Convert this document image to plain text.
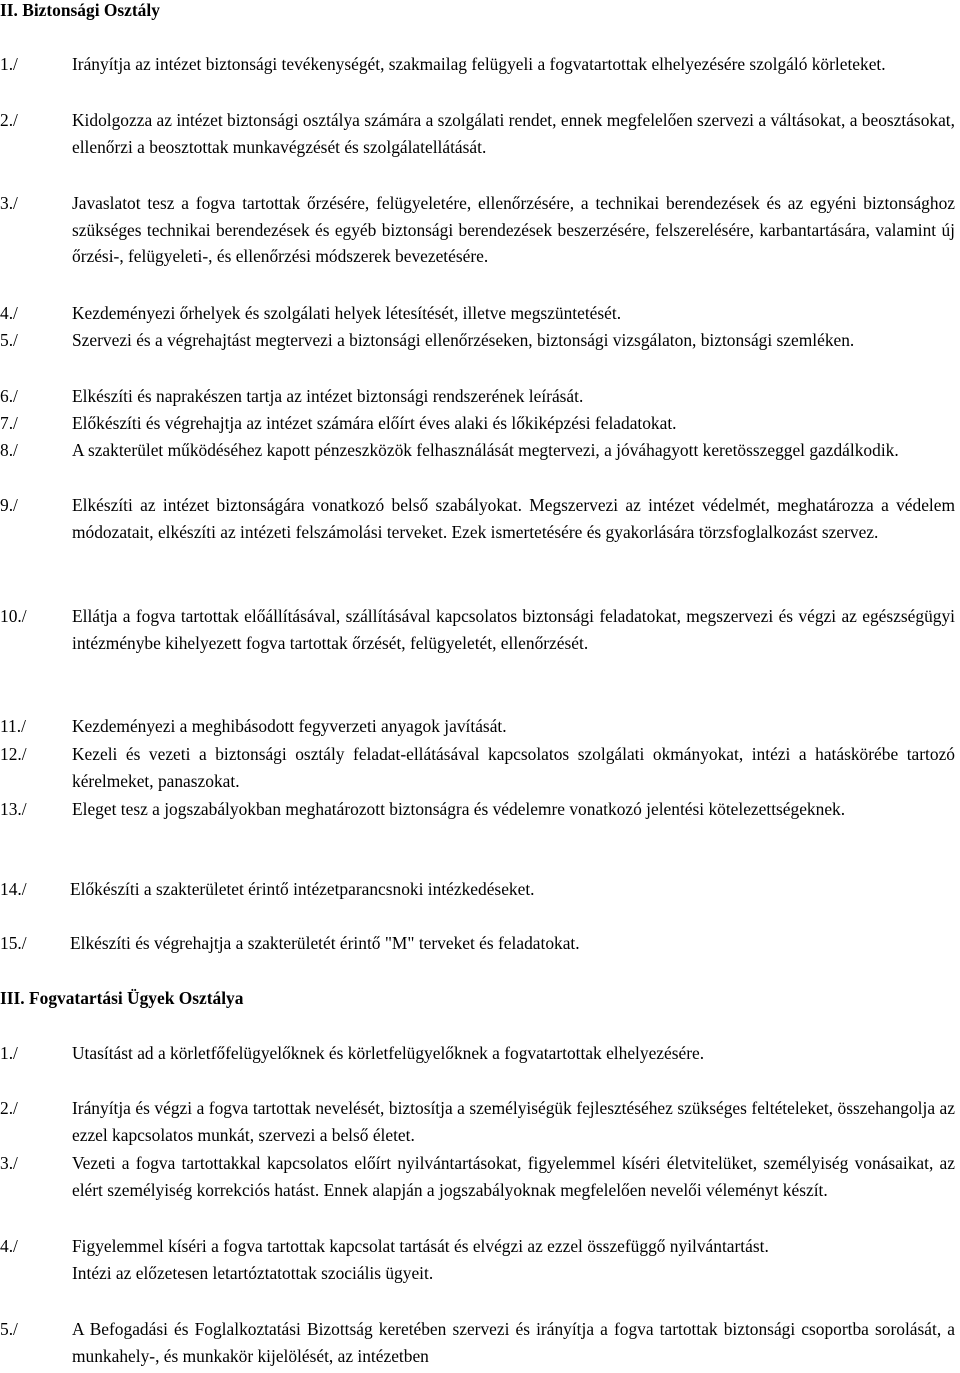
II. Biztonsági Osztály
1./	Irányítja az intézet biztonsági tevékenységét, szakmailag felügyeli a fogvatartottak elhelyezésére szolgáló körleteket.
2./	Kidolgozza az intézet biztonsági osztálya számára a szolgálati rendet, ennek megfelelően szervezi a váltásokat, a beosztásokat, ellenőrzi a beosztottak munkavégzését és szolgálatellátását.
3./	Javaslatot tesz a fogva tartottak őrzésére, felügyeletére, ellenőrzésére, a technikai berendezések és az egyéni biztonsághoz szükséges technikai berendezések és egyéb biztonsági berendezések beszerzésére, felszerelésére, karbantartására, valamint új őrzési-, felügyeleti-, és ellenőrzési módszerek bevezetésére.
4./	Kezdeményezi őrhelyek és szolgálati helyek létesítését, illetve megszüntetését.
5./	Szervezi és a végrehajtást megtervezi a biztonsági ellenőrzéseken, biztonsági vizsgálaton, biztonsági szemléken.
6./	Elkészíti és naprakészen tartja az intézet biztonsági rendszerének leírását.
7./	Előkészíti és végrehajtja az intézet számára előírt éves alaki és lőkiképzési feladatokat.
8./	A szakterület működéséhez kapott pénzeszközök felhasználását megtervezi, a jóváhagyott keretösszeggel gazdálkodik.
9./	Elkészíti az intézet biztonságára vonatkozó belső szabályokat. Megszervezi az intézet védelmét, meghatározza a védelem módozatait, elkészíti az intézeti felszámolási terveket. Ezek ismertetésére és gyakorlására törzsfoglalkozást szervez.
10./	Ellátja a fogva tartottak előállításával, szállításával kapcsolatos biztonsági feladatokat, megszervezi és végzi az egészségügyi intézménybe kihelyezett fogva tartottak őrzését, felügyeletét, ellenőrzését.
11./	Kezdeményezi a meghibásodott fegyverzeti anyagok javítását.
12./	Kezeli és vezeti a biztonsági osztály feladat-ellátásával kapcsolatos szolgálati okmányokat, intézi a hatáskörébe tartozó kérelmeket, panaszokat.
13./	Eleget tesz a jogszabályokban meghatározott biztonságra és védelemre vonatkozó jelentési kötelezettségeknek.
14./ Előkészíti a szakterületet érintő intézetparancsnoki intézkedéseket.
15./ Elkészíti és végrehajtja a szakterületét érintő "M" terveket és feladatokat.
III. Fogvatartási Ügyek Osztálya
1./	Utasítást ad a körletfőfelügyelőknek és körletfelügyelőknek a fogvatartottak elhelyezésére.
2./	Irányítja és végzi a fogva tartottak nevelését, biztosítja a személyiségük fejlesztéséhez szükséges feltételeket, összehangolja az ezzel kapcsolatos munkát, szervezi a belső életet.
3./	Vezeti a fogva tartottakkal kapcsolatos előírt nyilvántartásokat, figyelemmel kíséri életvitelüket, személyiség vonásaikat, az elért személyiség korrekciós hatást. Ennek alapján a jogszabályoknak megfelelően nevelői véleményt készít.
4./	Figyelemmel kíséri a fogva tartottak kapcsolat tartását és elvégzi az ezzel összefüggő nyilvántartást.
Intézi az előzetesen letartóztatottak szociális ügyeit.
5./	A Befogadási és Foglalkoztatási Bizottság keretében szervezi és irányítja a fogva tartottak biztonsági csoportba sorolását, a munkahely-, és munkakör kijelölését, az intézetben
